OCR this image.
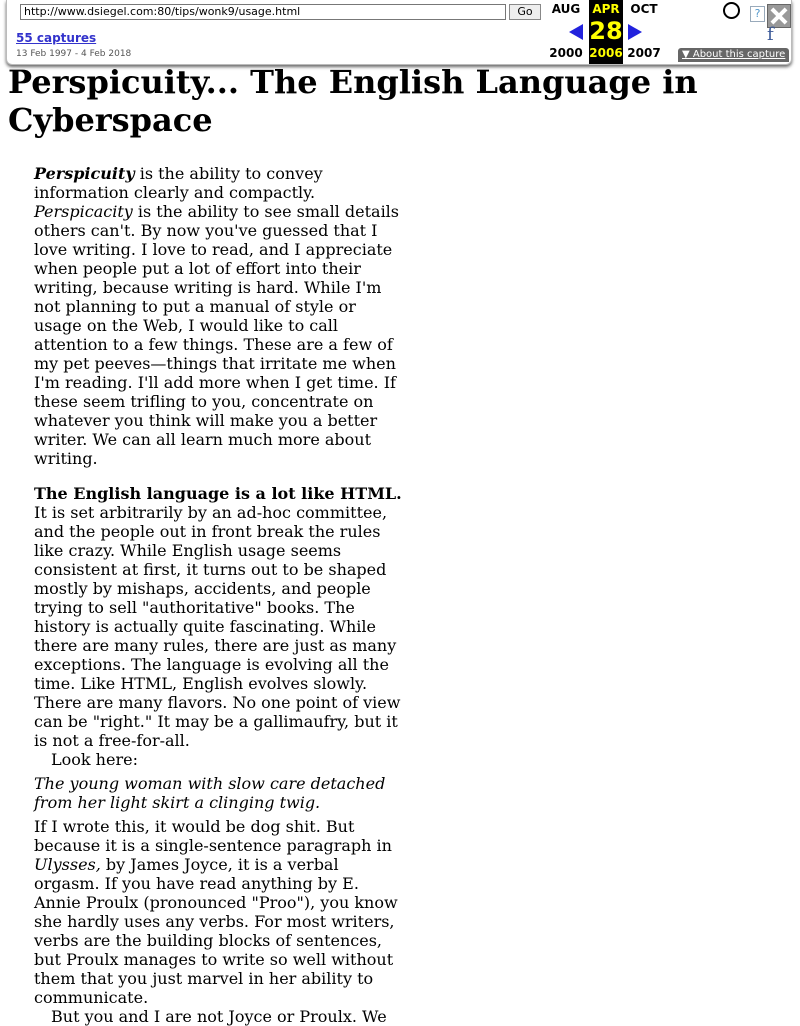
http://www.dsiegel.com:80/tips/wonk9/usage.html	Go
55 captures
13 Feb 1997 - 4 Feb 2018
AUG
2000
APR
28
2006
OCT
2007
?
f
▼ About this capture
Perspicuity... The English Language in Cyberspace

Perspicuity is the ability to convey information clearly and compactly.

Perspicacity is the ability to see small details others can't. By now you've guessed that I love writing. I love to read, and I appreciate when people put a lot of effort into their writing, because writing is hard. While I'm not planning to put a manual of style or usage on the Web, I would like to call attention to a few things. These are a few of my pet peeves—things that irritate me when I'm reading. I'll add more when I get time. If these seem trifling to you, concentrate on whatever you think will make you a better writer. We can all learn much more about writing.

The English language is a lot like HTML. It is set arbitrarily by an ad-hoc committee, and the people out in front break the rules like crazy. While English usage seems consistent at first, it turns out to be shaped mostly by mishaps, accidents, and people trying to sell "authoritative" books. The history is actually quite fascinating. While there are many rules, there are just as many exceptions. The language is evolving all the time. Like HTML, English evolves slowly. There are many flavors. No one point of view can be "right." It may be a gallimaufry, but it is not a free-for-all.

Look here:

The young woman with slow care detached from her light skirt a clinging twig.

If I wrote this, it would be dog shit. But because it is a single-sentence paragraph in Ulysses, by James Joyce, it is a verbal orgasm. If you have read anything by E. Annie Proulx (pronounced "Proo"), you know she hardly uses any verbs. For most writers, verbs are the building blocks of sentences, but Proulx manages to write so well without them that you just marvel in her ability to communicate.

But you and I are not Joyce or Proulx. We
